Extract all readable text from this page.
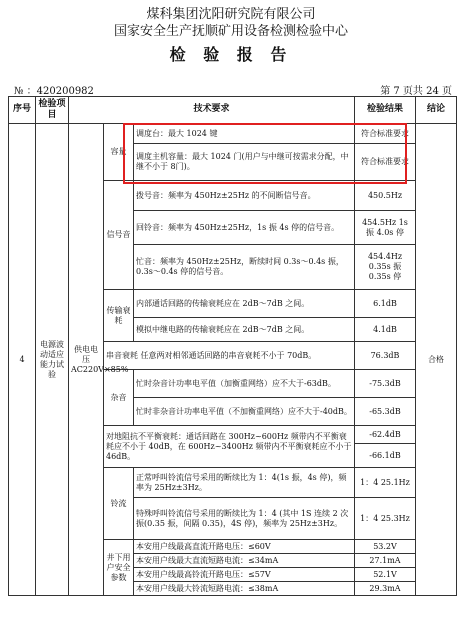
煤科集团沈阳研究院有限公司
国家安全生产抚顺矿用设备检测检验中心
检 验 报 告
№ ：420200982	第 7 页共 24 页
序号	检验项目	技术要求			检验结果	结论
4	电源波动适应能力试验	供电电压AC220V×85%	容量	调度台：最大 1024 键	符合标准要求	合格
				调度主机容量：最大 1024 门(用户与中继可按需求分配，中继不小于 8门)。	符合标准要求	
			信号音	拨号音：频率为 450Hz±25Hz 的不间断信号音。	450.5Hz	
				回铃音：频率为 450Hz±25Hz，1s 振 4s 停的信号音。	454.5Hz 1s 振 4.0s 停	
				忙音：频率为 450Hz±25Hz，断续时间 0.3s～0.4s 振，0.3s～0.4s 停的信号音。	454.4Hz 0.35s 振 0.35s 停	
			传输衰耗	内部通话回路的传输衰耗应在 2dB～7dB 之间。	6.1dB	
				模拟中继电路的传输衰耗应在 2dB～7dB 之间。	4.1dB	
			串音衰耗 任意两对相邻通话回路的串音衰耗不小于 70dB。		76.3dB	
			杂音	忙时杂音计功率电平值（加衡重网络）应不大于-63dB。	-75.3dB	
				忙时非杂音计功率电平值（不加衡重网络）应不大于-40dB。	-65.3dB	
			对地阻抗不平衡衰耗：通话回路在 300Hz~600Hz 频带内不平衡衰耗应不小于 40dB，在 600Hz~3400Hz 频带内不平衡衰耗应不小于 46dB。		-62.4dB	
					-66.1dB	
			铃流	正常呼叫铃流信号采用的断续比为 1：4(1s 振，4s 停)，频率为 25Hz±3Hz。	1：4 25.1Hz	
				特殊呼叫铃流信号采用的断续比为 1：4 (其中 1S 连续 2 次振(0.35 振，间隔 0.35)，4S 停)，频率为 25Hz±3Hz。	1：4 25.3Hz	
			井下用户安全参数	本安用户线最高直流开路电压：≤60V	53.2V	
				本安用户线最大直流短路电流：≤34mA	27.1mA	
				本安用户线最高铃流开路电压：≤57V	52.1V	
				本安用户线最大铃流短路电流：≤38mA	29.3mA	
